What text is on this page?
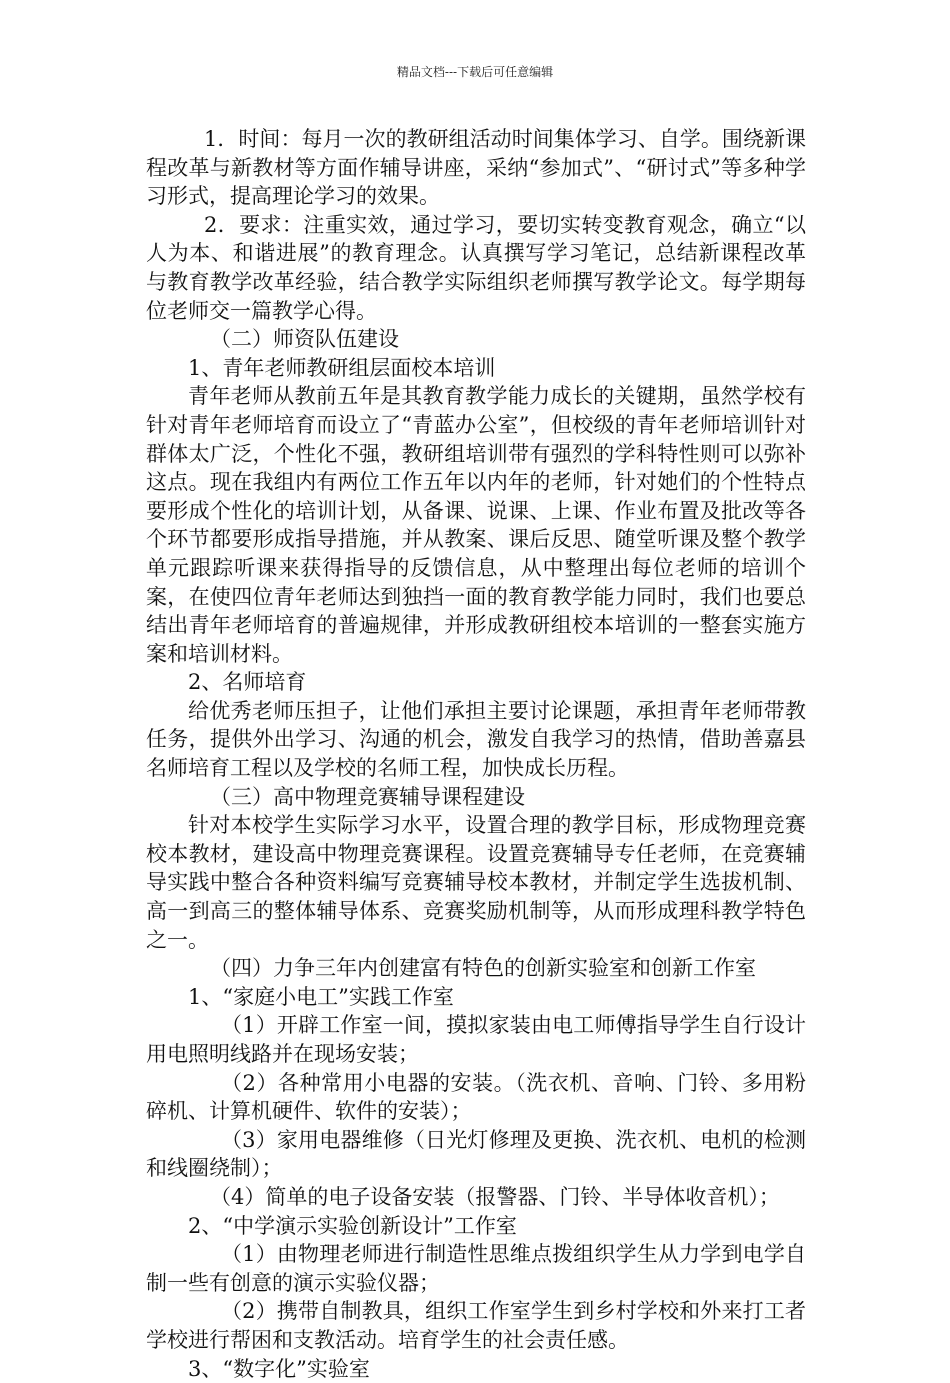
精品文档---下载后可任意编辑

1．时间：每月一次的教研组活动时间集体学习、自学。围绕新课程改革与新教材等方面作辅导讲座，采纳“参加式”、“研讨式”等多种学习形式，提高理论学习的效果。

2．要求：注重实效，通过学习，要切实转变教育观念，确立“以人为本、和谐进展”的教育理念。认真撰写学习笔记，总结新课程改革与教育教学改革经验，结合教学实际组织老师撰写教学论文。每学期每位老师交一篇教学心得。

（二）师资队伍建设

1、青年老师教研组层面校本培训

青年老师从教前五年是其教育教学能力成长的关键期，虽然学校有针对青年老师培育而设立了“青蓝办公室”，但校级的青年老师培训针对群体太广泛，个性化不强，教研组培训带有强烈的学科特性则可以弥补这点。现在我组内有两位工作五年以内年的老师，针对她们的个性特点要形成个性化的培训计划，从备课、说课、上课、作业布置及批改等各个环节都要形成指导措施，并从教案、课后反思、随堂听课及整个教学单元跟踪听课来获得指导的反馈信息，从中整理出每位老师的培训个案，在使四位青年老师达到独挡一面的教育教学能力同时，我们也要总结出青年老师培育的普遍规律，并形成教研组校本培训的一整套实施方案和培训材料。

2、名师培育

给优秀老师压担子，让他们承担主要讨论课题，承担青年老师带教任务，提供外出学习、沟通的机会，激发自我学习的热情，借助善嘉县名师培育工程以及学校的名师工程，加快成长历程。

（三）高中物理竞赛辅导课程建设

针对本校学生实际学习水平，设置合理的教学目标，形成物理竞赛校本教材，建设高中物理竞赛课程。设置竞赛辅导专任老师，在竞赛辅导实践中整合各种资料编写竞赛辅导校本教材，并制定学生选拔机制、高一到高三的整体辅导体系、竞赛奖励机制等，从而形成理科教学特色之一。

（四）力争三年内创建富有特色的创新实验室和创新工作室

1、“家庭小电工”实践工作室

（1）开辟工作室一间，摸拟家装由电工师傅指导学生自行设计用电照明线路并在现场安装；

（2）各种常用小电器的安装。（洗衣机、音响、门铃、多用粉碎机、计算机硬件、软件的安装）；

（3）家用电器维修（日光灯修理及更换、洗衣机、电机的检测和线圈绕制）；

（4）简单的电子设备安装（报警器、门铃、半导体收音机）；

2、“中学演示实验创新设计”工作室

（1）由物理老师进行制造性思维点拨组织学生从力学到电学自制一些有创意的演示实验仪器；

（2）携带自制教具，组织工作室学生到乡村学校和外来打工者学校进行帮困和支教活动。培育学生的社会责任感。

3、“数字化”实验室
